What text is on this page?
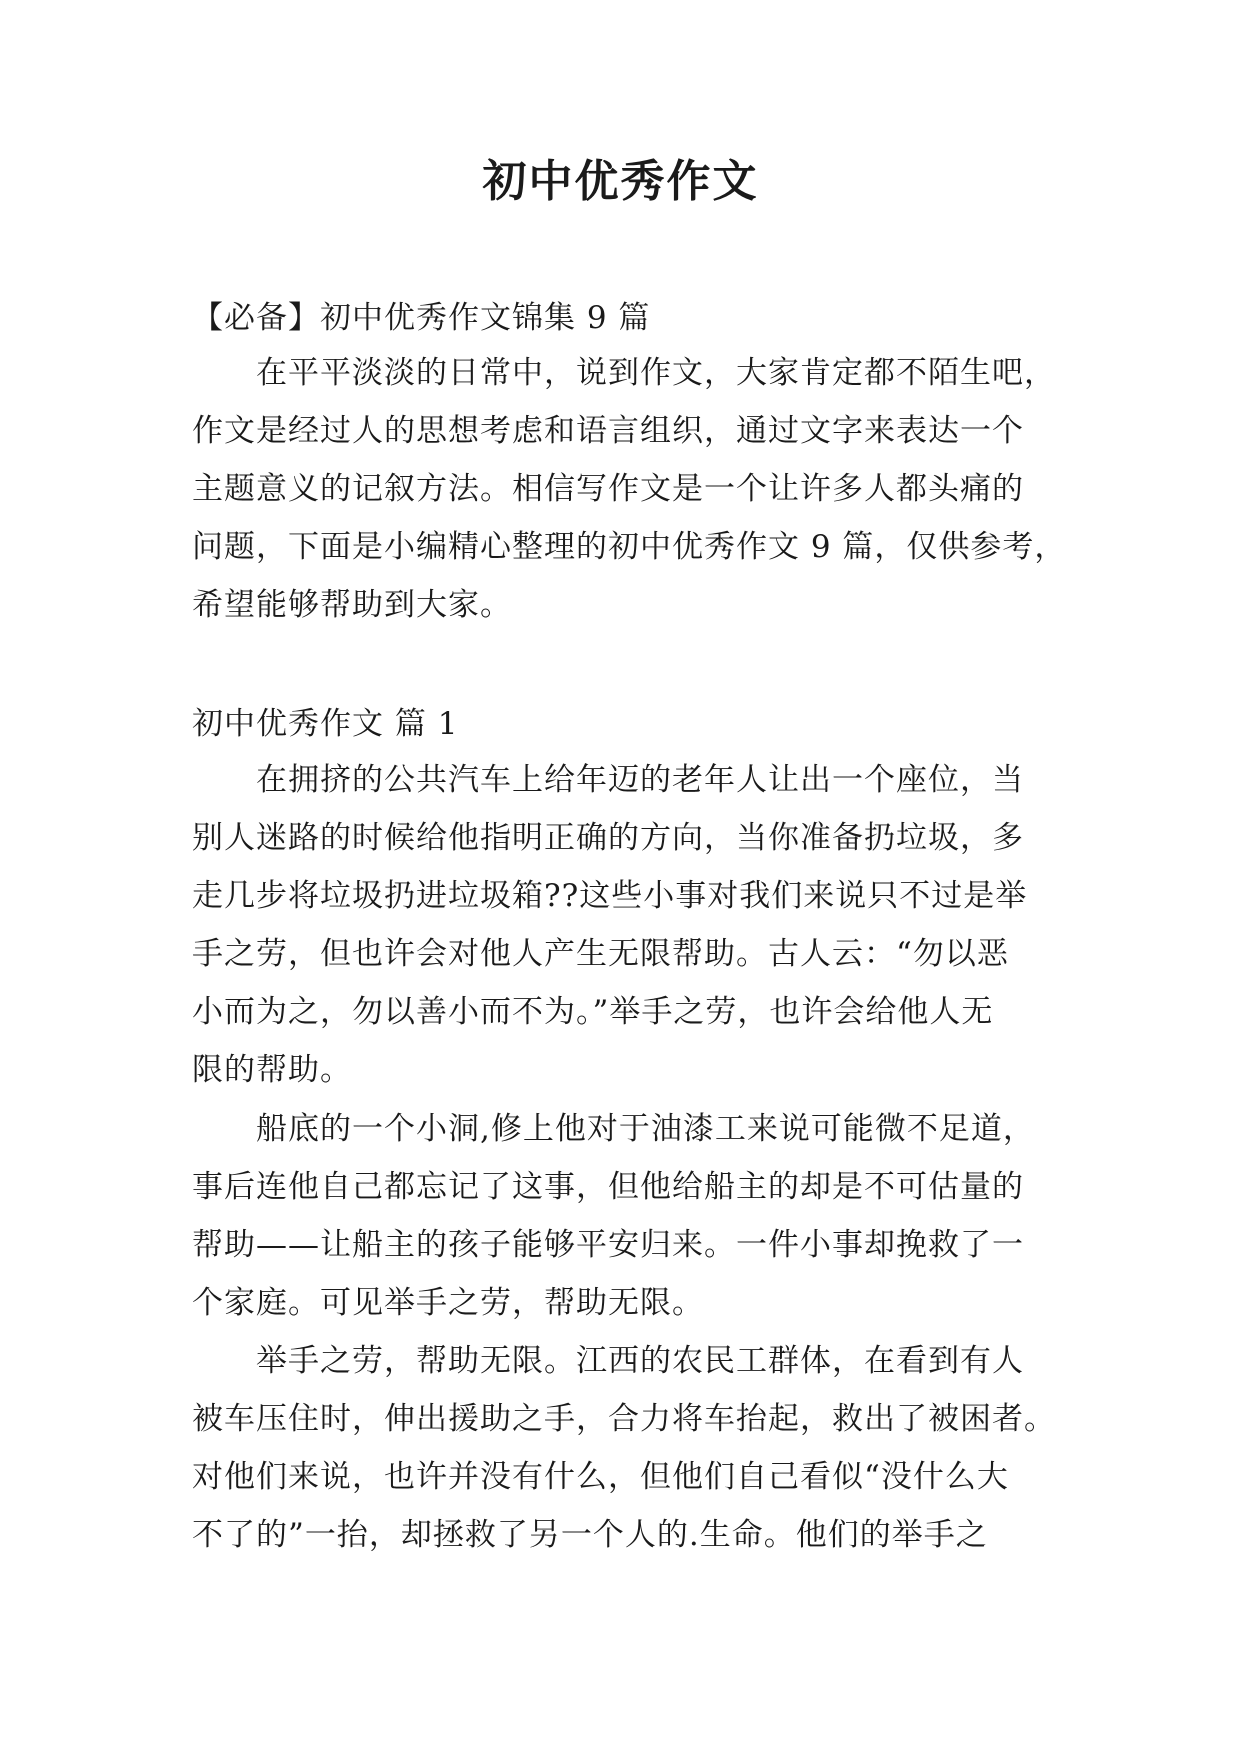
初中优秀作文

【必备】初中优秀作文锦集 9 篇

在平平淡淡的日常中，说到作文，大家肯定都不陌生吧，

作文是经过人的思想考虑和语言组织，通过文字来表达一个

主题意义的记叙方法。相信写作文是一个让许多人都头痛的

问题，下面是小编精心整理的初中优秀作文 9 篇，仅供参考，

希望能够帮助到大家。

初中优秀作文 篇 1

在拥挤的公共汽车上给年迈的老年人让出一个座位，当

别人迷路的时候给他指明正确的方向，当你准备扔垃圾，多

走几步将垃圾扔进垃圾箱??这些小事对我们来说只不过是举

手之劳，但也许会对他人产生无限帮助。古人云：“勿以恶

小而为之，勿以善小而不为。”举手之劳，也许会给他人无

限的帮助。

船底的一个小洞,修上他对于油漆工来说可能微不足道，

事后连他自己都忘记了这事，但他给船主的却是不可估量的

帮助——让船主的孩子能够平安归来。一件小事却挽救了一

个家庭。可见举手之劳，帮助无限。

举手之劳，帮助无限。江西的农民工群体，在看到有人

被车压住时，伸出援助之手，合力将车抬起，救出了被困者。

对他们来说，也许并没有什么，但他们自己看似“没什么大

不了的”一抬，却拯救了另一个人的.生命。他们的举手之
